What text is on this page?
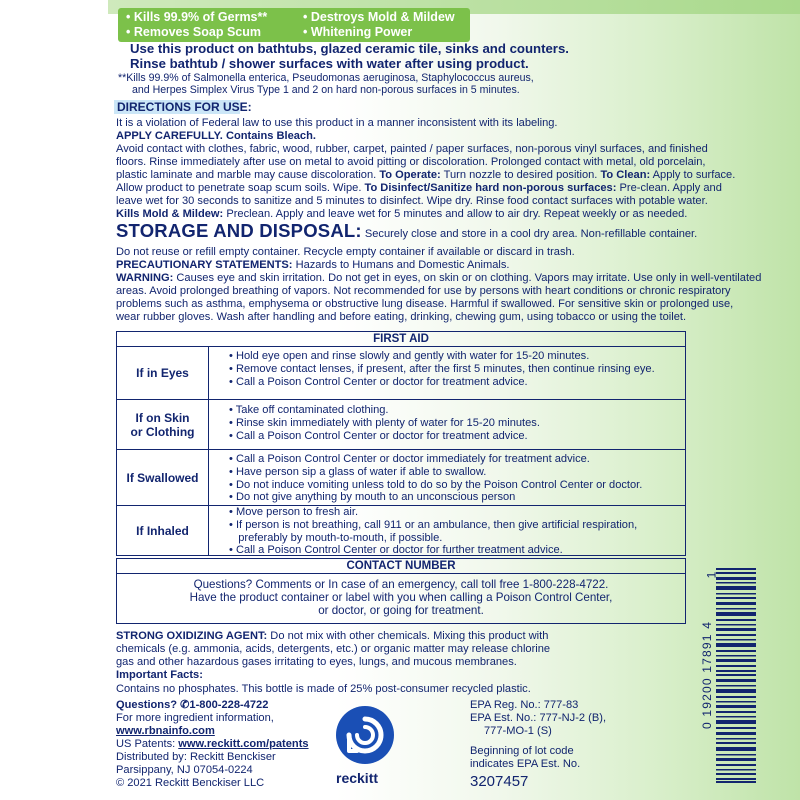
• Kills 99.9% of Germs**	• Destroys Mold & Mildew
• Removes Soap Scum	• Whitening Power
Use this product on bathtubs, glazed ceramic tile, sinks and counters.
Rinse bathtub / shower surfaces with water after using product.
**Kills 99.9% of Salmonella enterica, Pseudomonas aeruginosa, Staphylococcus aureus,
and Herpes Simplex Virus Type 1 and 2 on hard non-porous surfaces in 5 minutes.
DIRECTIONS FOR USE:
It is a violation of Federal law to use this product in a manner inconsistent with its labeling.
APPLY CAREFULLY. Contains Bleach.
Avoid contact with clothes, fabric, wood, rubber, carpet, painted / paper surfaces, non-porous vinyl surfaces, and finished
floors. Rinse immediately after use on metal to avoid pitting or discoloration. Prolonged contact with metal, old porcelain,
plastic laminate and marble may cause discoloration. To Operate: Turn nozzle to desired position. To Clean: Apply to surface.
Allow product to penetrate soap scum soils. Wipe. To Disinfect/Sanitize hard non-porous surfaces: Pre-clean. Apply and
leave wet for 30 seconds to sanitize and 5 minutes to disinfect. Wipe dry. Rinse food contact surfaces with potable water.
Kills Mold & Mildew: Preclean. Apply and leave wet for 5 minutes and allow to air dry. Repeat weekly or as needed.
STORAGE AND DISPOSAL: Securely close and store in a cool dry area. Non-refillable container.
Do not reuse or refill empty container. Recycle empty container if available or discard in trash.
PRECAUTIONARY STATEMENTS: Hazards to Humans and Domestic Animals.
WARNING: Causes eye and skin irritation. Do not get in eyes, on skin or on clothing. Vapors may irritate. Use only in well-ventilated
areas. Avoid prolonged breathing of vapors. Not recommended for use by persons with heart conditions or chronic respiratory
problems such as asthma, emphysema or obstructive lung disease. Harmful if swallowed. For sensitive skin or prolonged use,
wear rubber gloves. Wash after handling and before eating, drinking, chewing gum, using tobacco or using the toilet.
FIRST AID
If in Eyes
• Hold eye open and rinse slowly and gently with water for 15-20 minutes.
• Remove contact lenses, if present, after the first 5 minutes, then continue rinsing eye.
• Call a Poison Control Center or doctor for treatment advice.
If on Skin
or Clothing
• Take off contaminated clothing.
• Rinse skin immediately with plenty of water for 15-20 minutes.
• Call a Poison Control Center or doctor for treatment advice.
If Swallowed
• Call a Poison Control Center or doctor immediately for treatment advice.
• Have person sip a glass of water if able to swallow.
• Do not induce vomiting unless told to do so by the Poison Control Center or doctor.
• Do not give anything by mouth to an unconscious person
If Inhaled
• Move person to fresh air.
• If person is not breathing, call 911 or an ambulance, then give artificial respiration,
preferably by mouth-to-mouth, if possible.
• Call a Poison Control Center or doctor for further treatment advice.
CONTACT NUMBER
Questions? Comments or In case of an emergency, call toll free 1-800-228-4722.
Have the product container or label with you when calling a Poison Control Center,
or doctor, or going for treatment.
STRONG OXIDIZING AGENT: Do not mix with other chemicals. Mixing this product with
chemicals (e.g. ammonia, acids, detergents, etc.) or organic matter may release chlorine
gas and other hazardous gases irritating to eyes, lungs, and mucous membranes.
Important Facts:
Contains no phosphates. This bottle is made of 25% post-consumer recycled plastic.
Questions? ✆1-800-228-4722
For more ingredient information,
www.rbnainfo.com
US Patents: www.reckitt.com/patents
Distributed by: Reckitt Benckiser
Parsippany, NJ 07054-0224
© 2021 Reckitt Benckiser LLC	reckitt
EPA Reg. No.: 777-83
EPA Est. No.: 777-NJ-2 (B),
777-MO-1 (S)
Beginning of lot code
indicates EPA Est. No.
3207457
0 19200 17891 4
1
